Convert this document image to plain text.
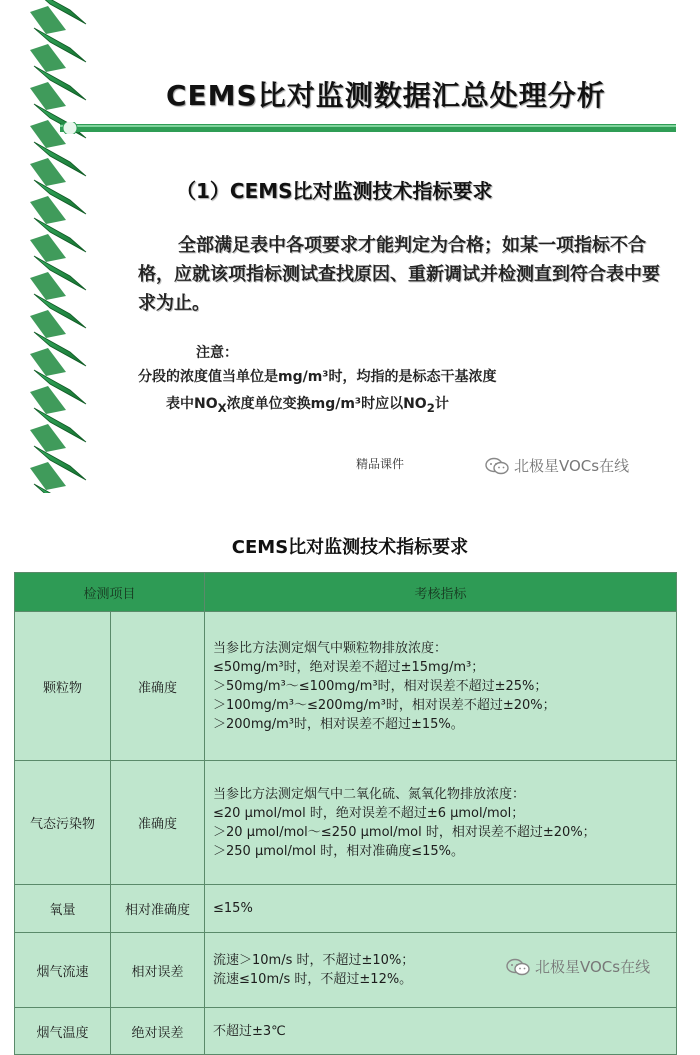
CEMS比对监测数据汇总处理分析
（1）CEMS比对监测技术指标要求
全部满足表中各项要求才能判定为合格；如某一项指标不合格，应就该项指标测试查找原因、重新调试并检测直到符合表中要求为止。
注意：
分段的浓度值当单位是mg/m³时，均指的是标态干基浓度
表中$NO_X$浓度单位变换mg/m³时应以$NO_2$计
精品课件	北极星VOCs在线
CEMS比对监测技术指标要求
检测项目		考核指标
颗粒物	准确度	当参比方法测定烟气中颗粒物排放浓度：
≤50mg/m³时，绝对误差不超过±15mg/m³；
＞50mg/m³～≤100mg/m³时，相对误差不超过±25%；
＞100mg/m³～≤200mg/m³时，相对误差不超过±20%；
＞200mg/m³时，相对误差不超过±15%。

气态污染物	准确度	当参比方法测定烟气中二氧化硫、氮氧化物排放浓度：
≤20 μmol/mol 时，绝对误差不超过±6 μmol/mol；
＞20 μmol/mol～≤250 μmol/mol 时，相对误差不超过±20%；
＞250 μmol/mol 时，相对准确度≤15%。

氧量	相对准确度	≤15%

烟气流速	相对误差	流速＞10m/s 时，不超过±10%；
流速≤10m/s 时，不超过±12%。

烟气温度	绝对误差	不超过±3℃
北极星VOCs在线
